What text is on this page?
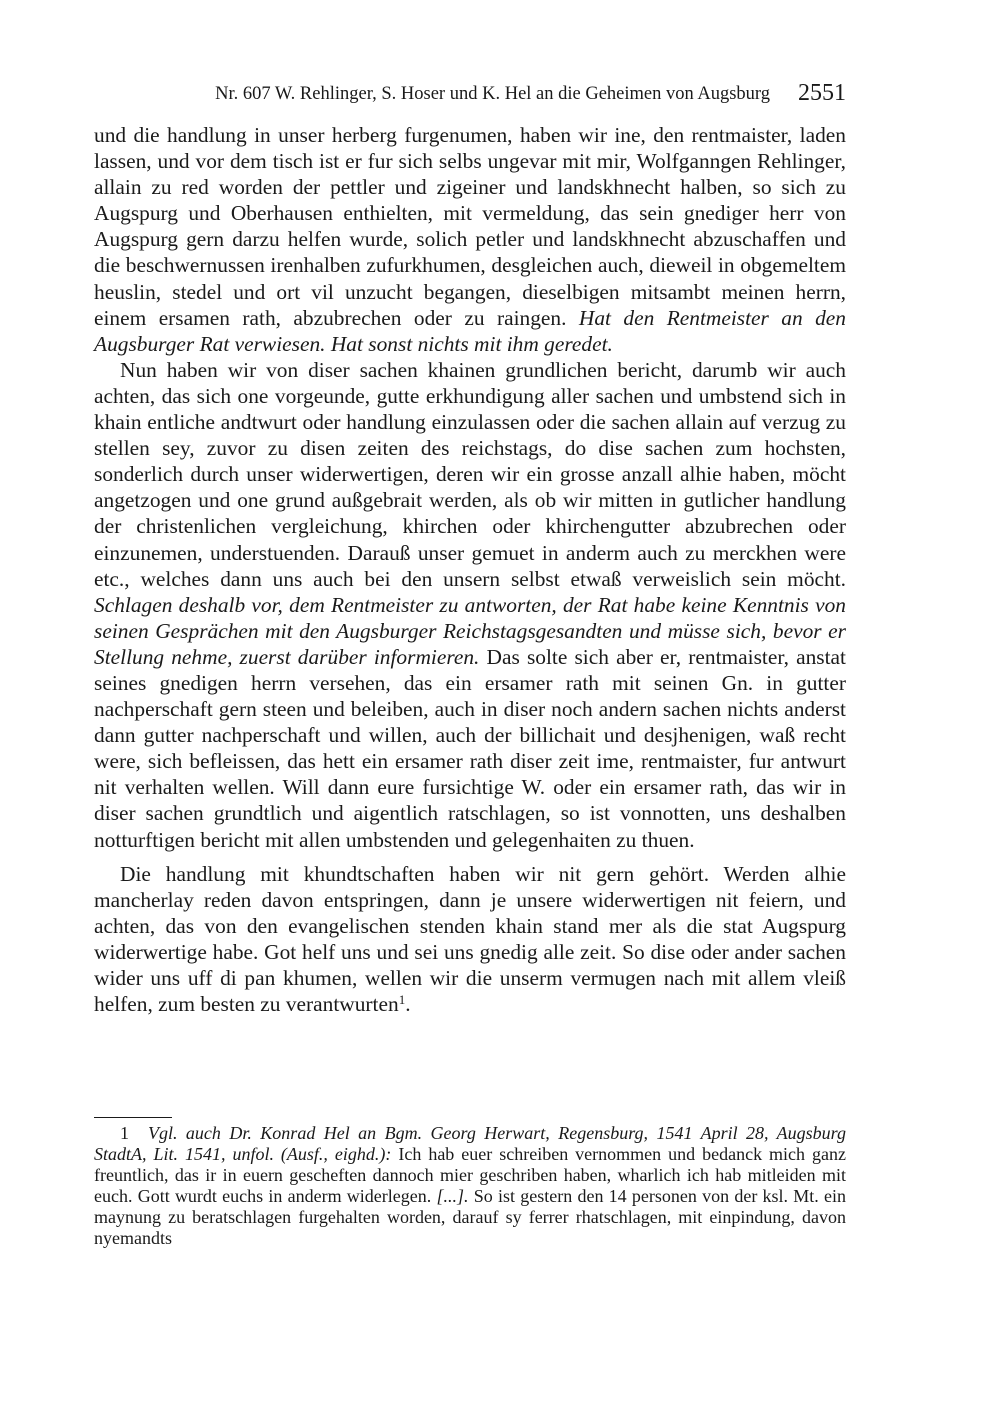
Nr. 607 W. Rehlinger, S. Hoser und K. Hel an die Geheimen von Augsburg 2551

und die handlung in unser herberg furgenumen, haben wir ine, den rentmaister, laden lassen, und vor dem tisch ist er fur sich selbs ungevar mit mir, Wolfganngen Rehlinger, allain zu red worden der pettler und zigeiner und landskhnecht halben, so sich zu Augspurg und Oberhausen enthielten, mit vermeldung, das sein gnediger herr von Augspurg gern darzu helfen wurde, solich petler und landskhnecht abzuschaffen und die beschwernussen irenhalben zufurkhumen, desgleichen auch, dieweil in obgemeltem heuslin, stedel und ort vil unzucht begangen, dieselbigen mitsambt meinen herrn, einem ersamen rath, abzubrechen oder zu raingen. Hat den Rentmeister an den Augsburger Rat verwiesen. Hat sonst nichts mit ihm geredet.

Nun haben wir von diser sachen khainen grundlichen bericht, darumb wir auch achten, das sich one vorgeunde, gutte erkhundigung aller sachen und umbstend sich in khain entliche andtwurt oder handlung einzulassen oder die sachen allain auf verzug zu stellen sey, zuvor zu disen zeiten des reichstags, do dise sachen zum hochsten, sonderlich durch unser widerwertigen, deren wir ein grosse anzall alhie haben, möcht angetzogen und one grund außgebrait werden, als ob wir mitten in gutlicher handlung der christenlichen vergleichung, khirchen oder khirchengutter abzubrechen oder einzunemen, understuenden. Darauß unser gemuet in anderm auch zu merckhen were etc., welches dann uns auch bei den unsern selbst etwaß verweislich sein möcht. Schlagen deshalb vor, dem Rentmeister zu antworten, der Rat habe keine Kenntnis von seinen Gesprächen mit den Augsburger Reichstagsgesandten und müsse sich, bevor er Stellung nehme, zuerst darüber informieren. Das solte sich aber er, rentmaister, anstat seines gnedigen herrn versehen, das ein ersamer rath mit seinen Gn. in gutter nachperschaft gern steen und beleiben, auch in diser noch andern sachen nichts anderst dann gutter nachperschaft und willen, auch der billichait und desjhenigen, waß recht were, sich befleissen, das hett ein ersamer rath diser zeit ime, rentmaister, fur antwurt nit verhalten wellen. Will dann eure fursichtige W. oder ein ersamer rath, das wir in diser sachen grundtlich und aigentlich ratschlagen, so ist vonnotten, uns deshalben notturftigen bericht mit allen umbstenden und gelegenhaiten zu thuen.

Die handlung mit khundtschaften haben wir nit gern gehört. Werden alhie mancherlay reden davon entspringen, dann je unsere widerwertigen nit feiern, und achten, das von den evangelischen stenden khain stand mer als die stat Augspurg widerwertige habe. Got helf uns und sei uns gnedig alle zeit. So dise oder ander sachen wider uns uff di pan khumen, wellen wir die unserm vermugen nach mit allem vleiß helfen, zum besten zu verantwurten$^1$.

1 Vgl. auch Dr. Konrad Hel an Bgm. Georg Herwart, Regensburg, 1541 April 28, Augsburg StadtA, Lit. 1541, unfol. (Ausf., eighd.): Ich hab euer schreiben vernommen und bedanck mich ganz freuntlich, das ir in euern gescheften dannoch mier geschriben haben, wharlich ich hab mitleiden mit euch. Gott wurdt euchs in anderm widerlegen. [...]. So ist gestern den 14 personen von der ksl. Mt. ein maynung zu beratschlagen furgehalten worden, darauf sy ferrer rhatschlagen, mit einpindung, davon nyemandts
